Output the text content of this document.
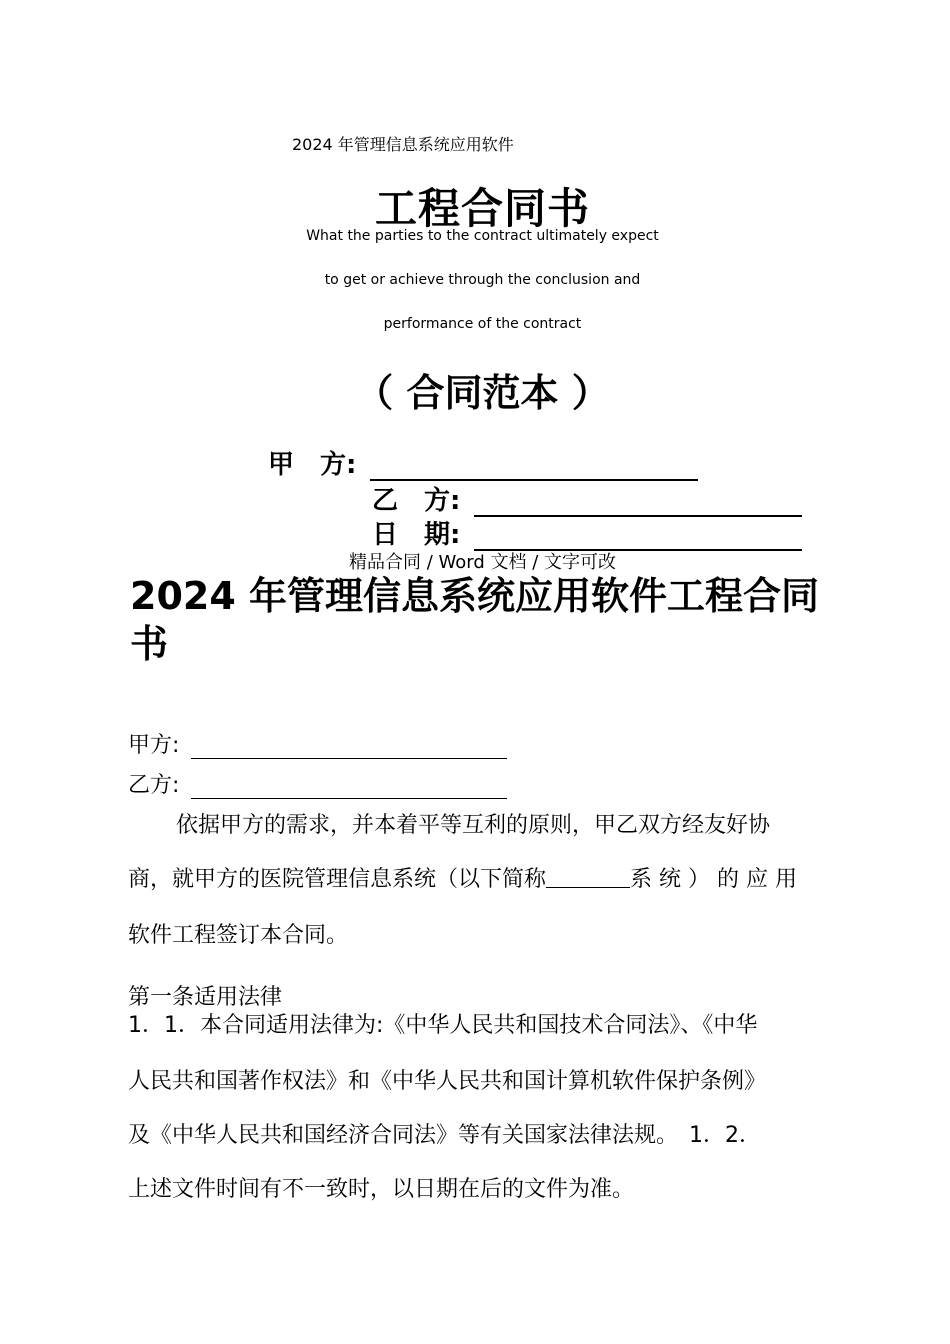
2024 年管理信息系统应用软件
工程合同书
What the parties to the contract ultimately expect
to get or achieve through the conclusion and
performance of the contract
（ 合同范本 ）
甲　方:
乙　方:
日　期:
精品合同 / Word 文档 / 文字可改
2024 年管理信息系统应用软件工程合同书
甲方:
乙方:
依据甲方的需求，并本着平等互利的原则，甲乙双方经友好协
商，就甲方的医院管理信息系统（以下简称	系 统 ） 的 应 用
软件工程签订本合同。
第一条适用法律
1．1．本合同适用法律为:《中华人民共和国技术合同法》、《中华
人民共和国著作权法》和《中华人民共和国计算机软件保护条例》
及《中华人民共和国经济合同法》等有关国家法律法规。　1．2．
上述文件时间有不一致时，以日期在后的文件为准。
